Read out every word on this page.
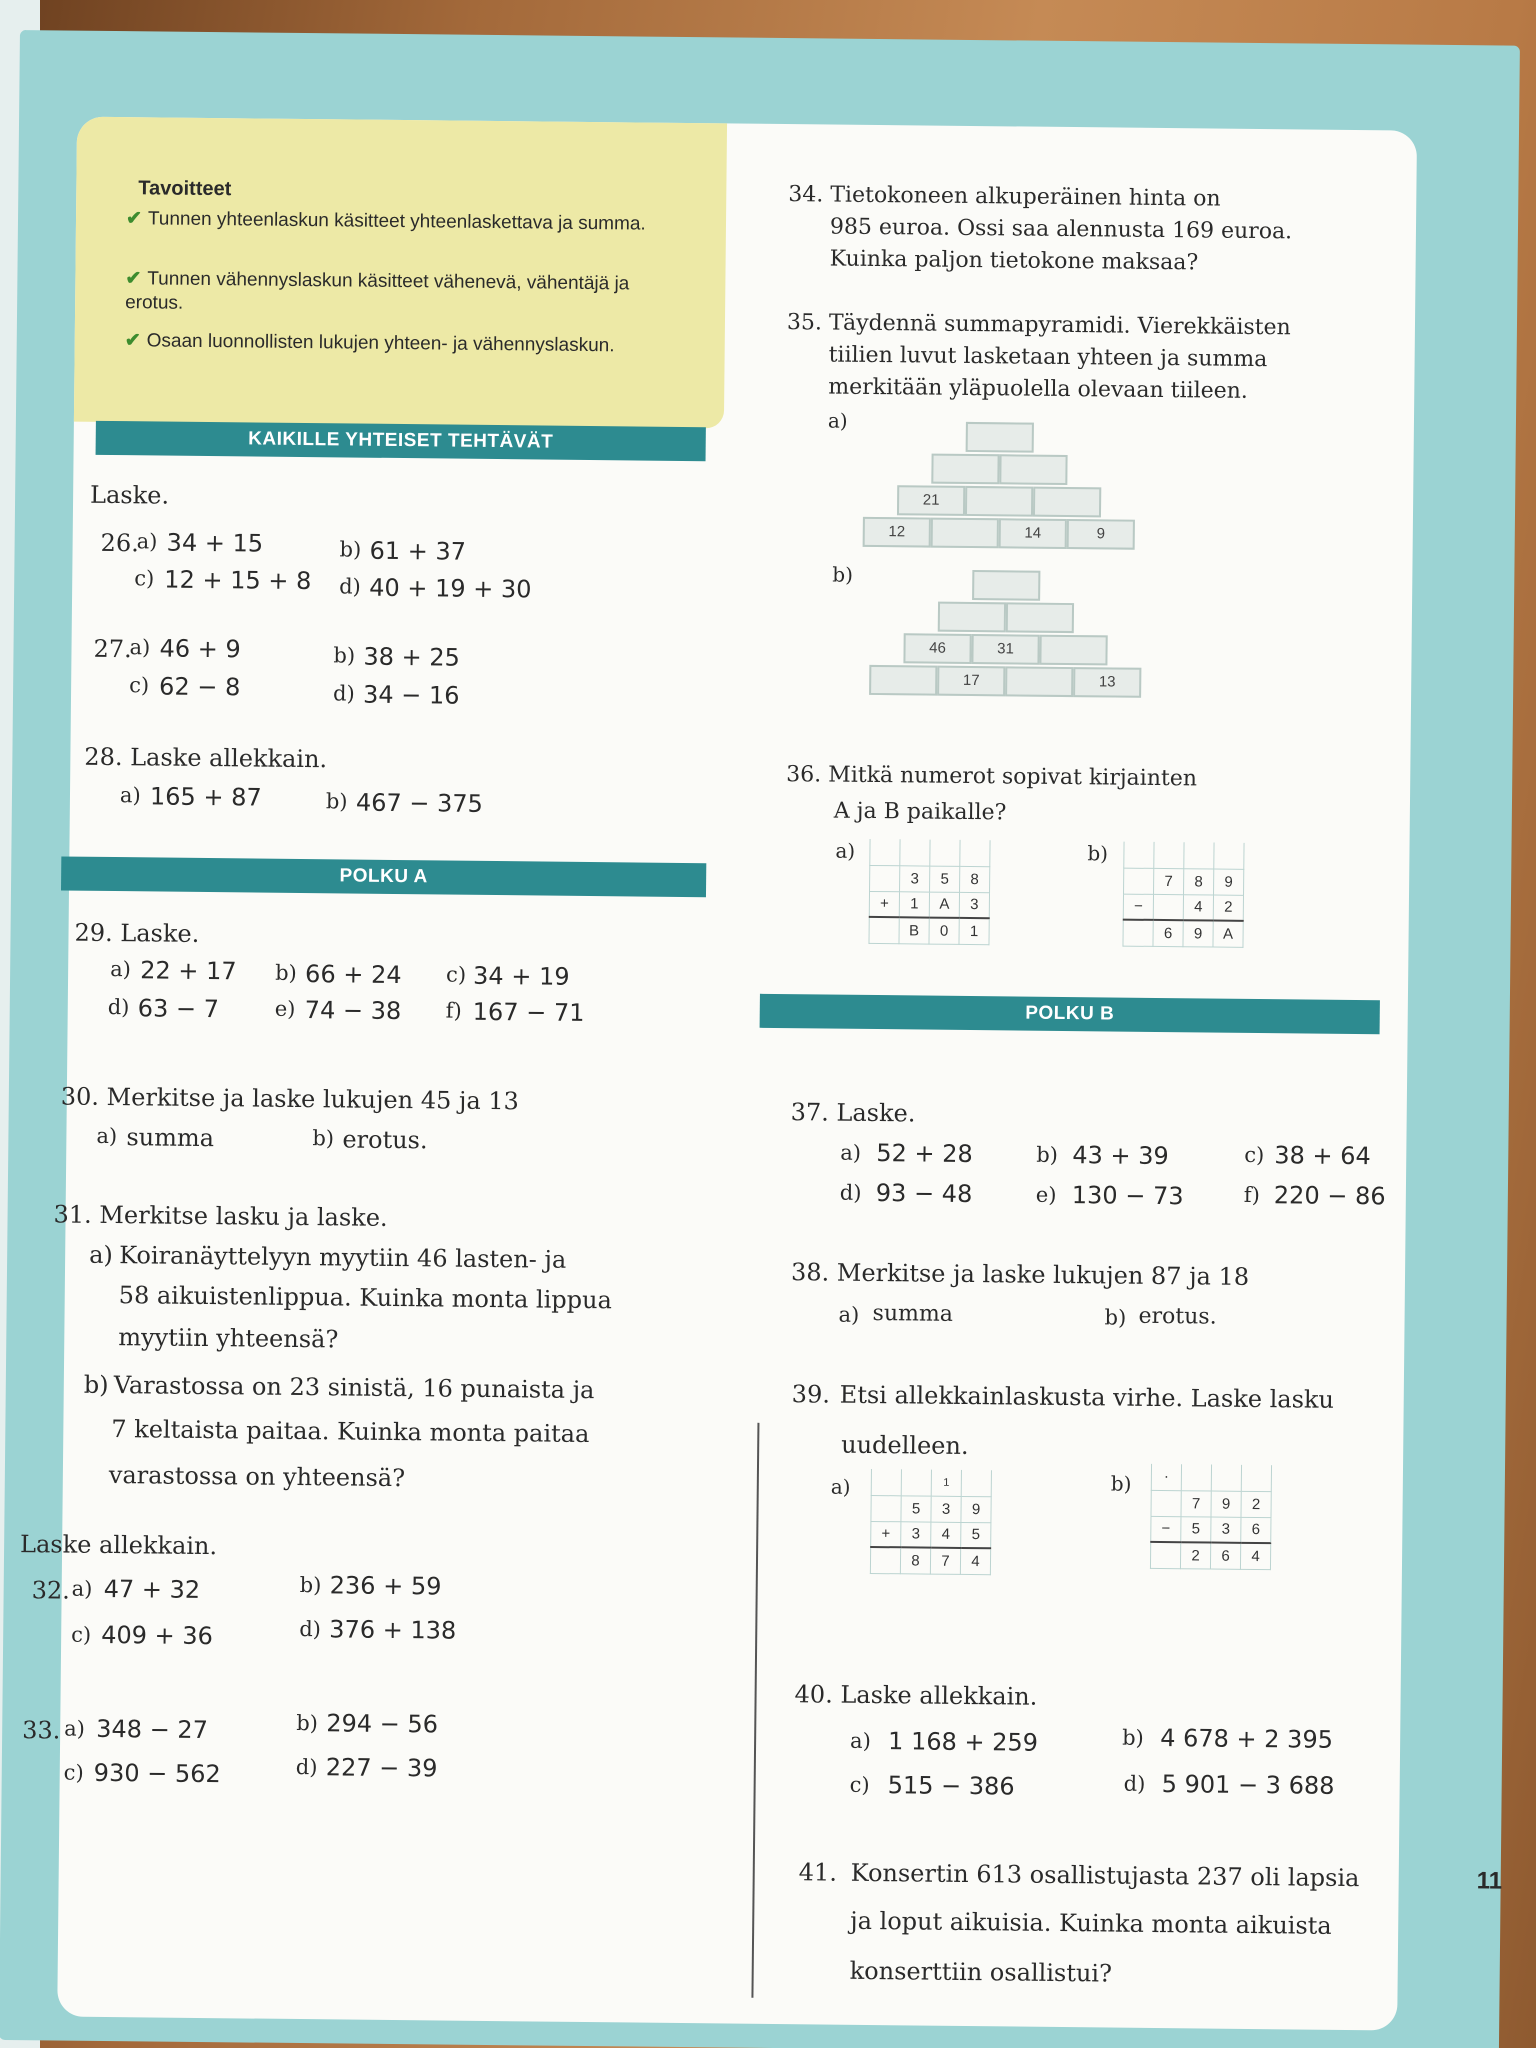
Tavoitteet
✔ Tunnen yhteenlaskun käsitteet yhteenlaskettava ja summa.
✔ Tunnen vähennyslaskun käsitteet vähenevä, vähentäjä ja erotus.
✔ Osaan luonnollisten lukujen yhteen- ja vähennyslaskun.
KAIKILLE YHTEISET TEHTÄVÄT
POLKU A
POLKU B
Laske.
26.
a) 34 + 15	b) 61 + 37
c) 12 + 15 + 8 d) 40 + 19 + 30
27.
a) 46 + 9	b) 38 + 25
c) 62 − 8	d) 34 − 16
28. Laske allekkain.
a) 165 + 87	b) 467 − 375
29. Laske.
a) 22 + 17 b) 66 + 24 c) 34 + 19
d) 63 − 7	e) 74 − 38 f) 167 − 71
30. Merkitse ja laske lukujen 45 ja 13
a) summa	b) erotus.
31. Merkitse lasku ja laske.
a) Koiranäyttelyyn myytiin 46 lasten- ja
58 aikuistenlippua. Kuinka monta lippua
myytiin yhteensä?
b) Varastossa on 23 sinistä, 16 punaista ja
7 keltaista paitaa. Kuinka monta paitaa
varastossa on yhteensä?
Laske allekkain.
32. a) 47 + 32	b) 236 + 59
c) 409 + 36	d) 376 + 138
33. a) 348 − 27	b) 294 − 56
c) 930 − 562	d) 227 − 39
34. Tietokoneen alkuperäinen hinta on
985 euroa. Ossi saa alennusta 169 euroa.
Kuinka paljon tietokone maksaa?
35. Täydennä summapyramidi. Vierekkäisten
tiilien luvut lasketaan yhteen ja summa
merkitään yläpuolella olevaan tiileen.
a)
21
12	14	9
b)
46	31
17	13
36. Mitkä numerot sopivat kirjainten
A ja B paikalle?
a)

	3	5	8
+	1	A	3
	B	0	1
b)

	7	8	9
−		4	2
	6	9	A
37. Laske.
a) 52 + 28	b) 43 + 39	c) 38 + 64
d) 93 − 48	e) 130 − 73	f) 220 − 86
38. Merkitse ja laske lukujen 87 ja 18
a) summa	b) erotus.
39. Etsi allekkainlaskusta virhe. Laske lasku
uudelleen.
a)
			1	
	5	3	9
+	3	4	5
	8	7	4
b) ·			
	7	9	2
−	5	3	6
	2	6	4
40. Laske allekkain.
a) 1 168 + 259	b) 4 678 + 2 395
c) 515 − 386	d) 5 901 − 3 688
41. Konsertin 613 osallistujasta 237 oli lapsia
ja loput aikuisia. Kuinka monta aikuista
konserttiin osallistui?
11
